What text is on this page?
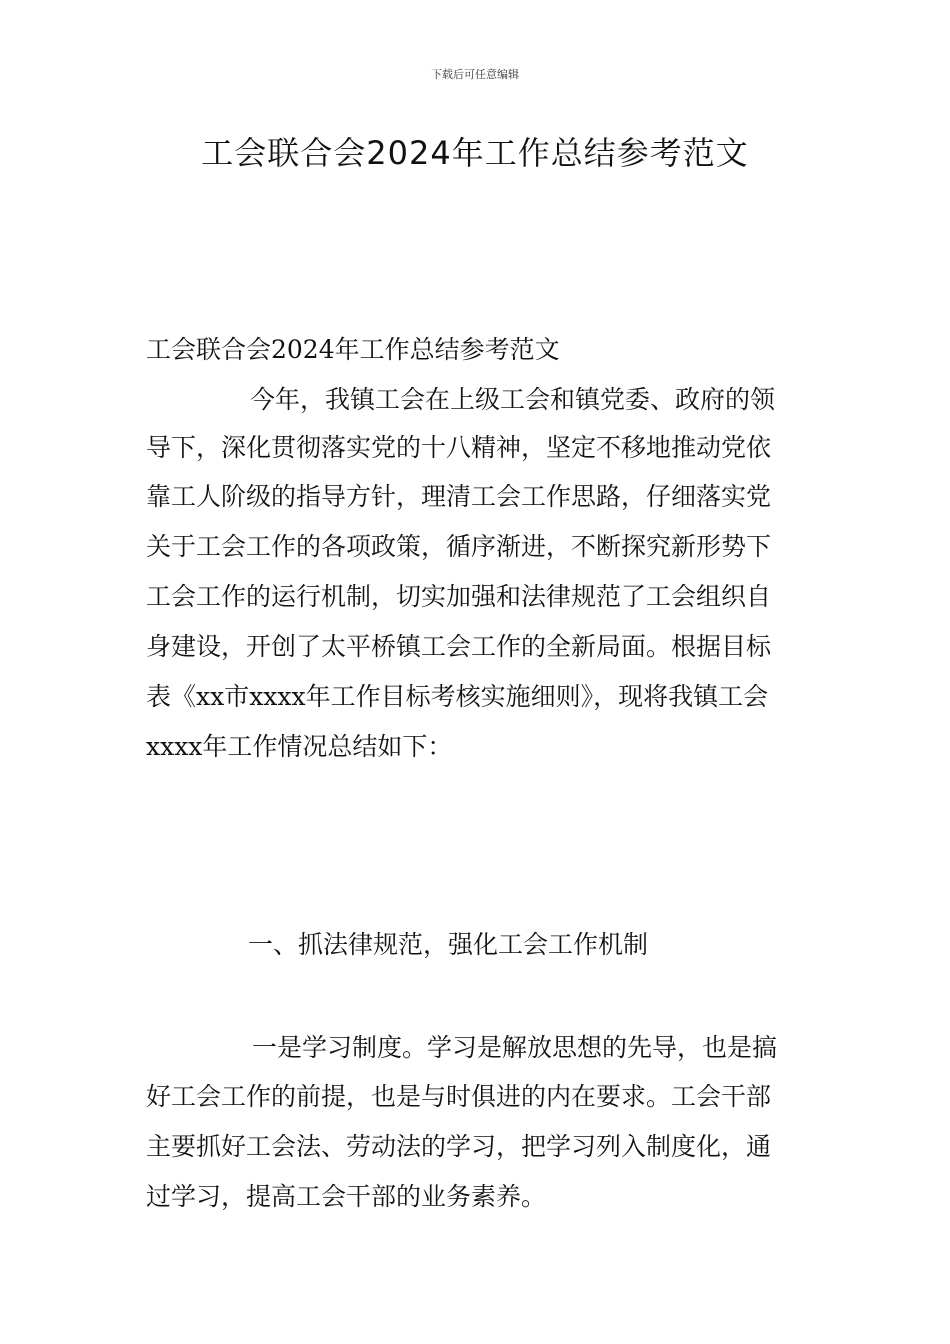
下载后可任意编辑
工会联合会2024年工作总结参考范文
工会联合会2024年工作总结参考范文
今年，我镇工会在上级工会和镇党委、政府的领
导下，深化贯彻落实党的十八精神，坚定不移地推动党依
靠工人阶级的指导方针，理清工会工作思路，仔细落实党
关于工会工作的各项政策，循序渐进，不断探究新形势下
工会工作的运行机制，切实加强和法律规范了工会组织自
身建设，开创了太平桥镇工会工作的全新局面。根据目标
表《xx市xxxx年工作目标考核实施细则》，现将我镇工会
xxxx年工作情况总结如下：
一、抓法律规范，强化工会工作机制
一是学习制度。学习是解放思想的先导，也是搞
好工会工作的前提，也是与时俱进的内在要求。工会干部
主要抓好工会法、劳动法的学习，把学习列入制度化，通
过学习，提高工会干部的业务素养。
